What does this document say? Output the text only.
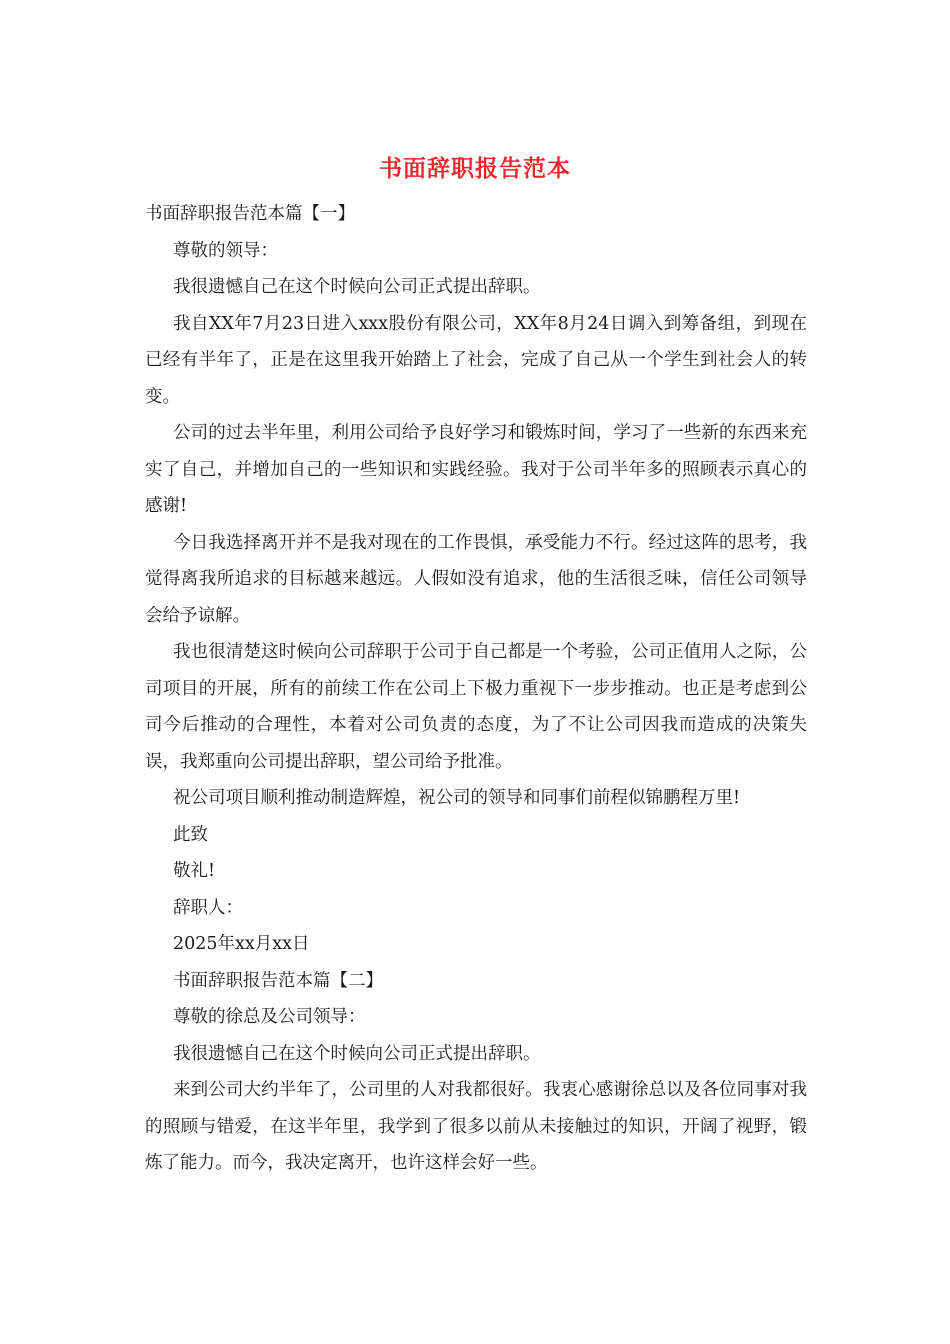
书面辞职报告范本

书面辞职报告范本篇【一】

尊敬的领导：

我很遗憾自己在这个时候向公司正式提出辞职。

我自XX年7月23日进入xxx股份有限公司，XX年8月24日调入到筹备组，到现在已经有半年了，正是在这里我开始踏上了社会，完成了自己从一个学生到社会人的转变。

公司的过去半年里，利用公司给予良好学习和锻炼时间，学习了一些新的东西来充实了自己，并增加自己的一些知识和实践经验。我对于公司半年多的照顾表示真心的感谢!

今日我选择离开并不是我对现在的工作畏惧，承受能力不行。经过这阵的思考，我觉得离我所追求的目标越来越远。人假如没有追求，他的生活很乏味，信任公司领导会给予谅解。

我也很清楚这时候向公司辞职于公司于自己都是一个考验，公司正值用人之际，公司项目的开展，所有的前续工作在公司上下极力重视下一步步推动。也正是考虑到公司今后推动的合理性，本着对公司负责的态度，为了不让公司因我而造成的决策失误，我郑重向公司提出辞职，望公司给予批准。

祝公司项目顺利推动制造辉煌，祝公司的领导和同事们前程似锦鹏程万里!

此致

敬礼!

辞职人：

2025年xx月xx日

书面辞职报告范本篇【二】

尊敬的徐总及公司领导：

我很遗憾自己在这个时候向公司正式提出辞职。

来到公司大约半年了，公司里的人对我都很好。我衷心感谢徐总以及各位同事对我的照顾与错爱，在这半年里，我学到了很多以前从未接触过的知识，开阔了视野，锻炼了能力。而今，我决定离开，也许这样会好一些。
